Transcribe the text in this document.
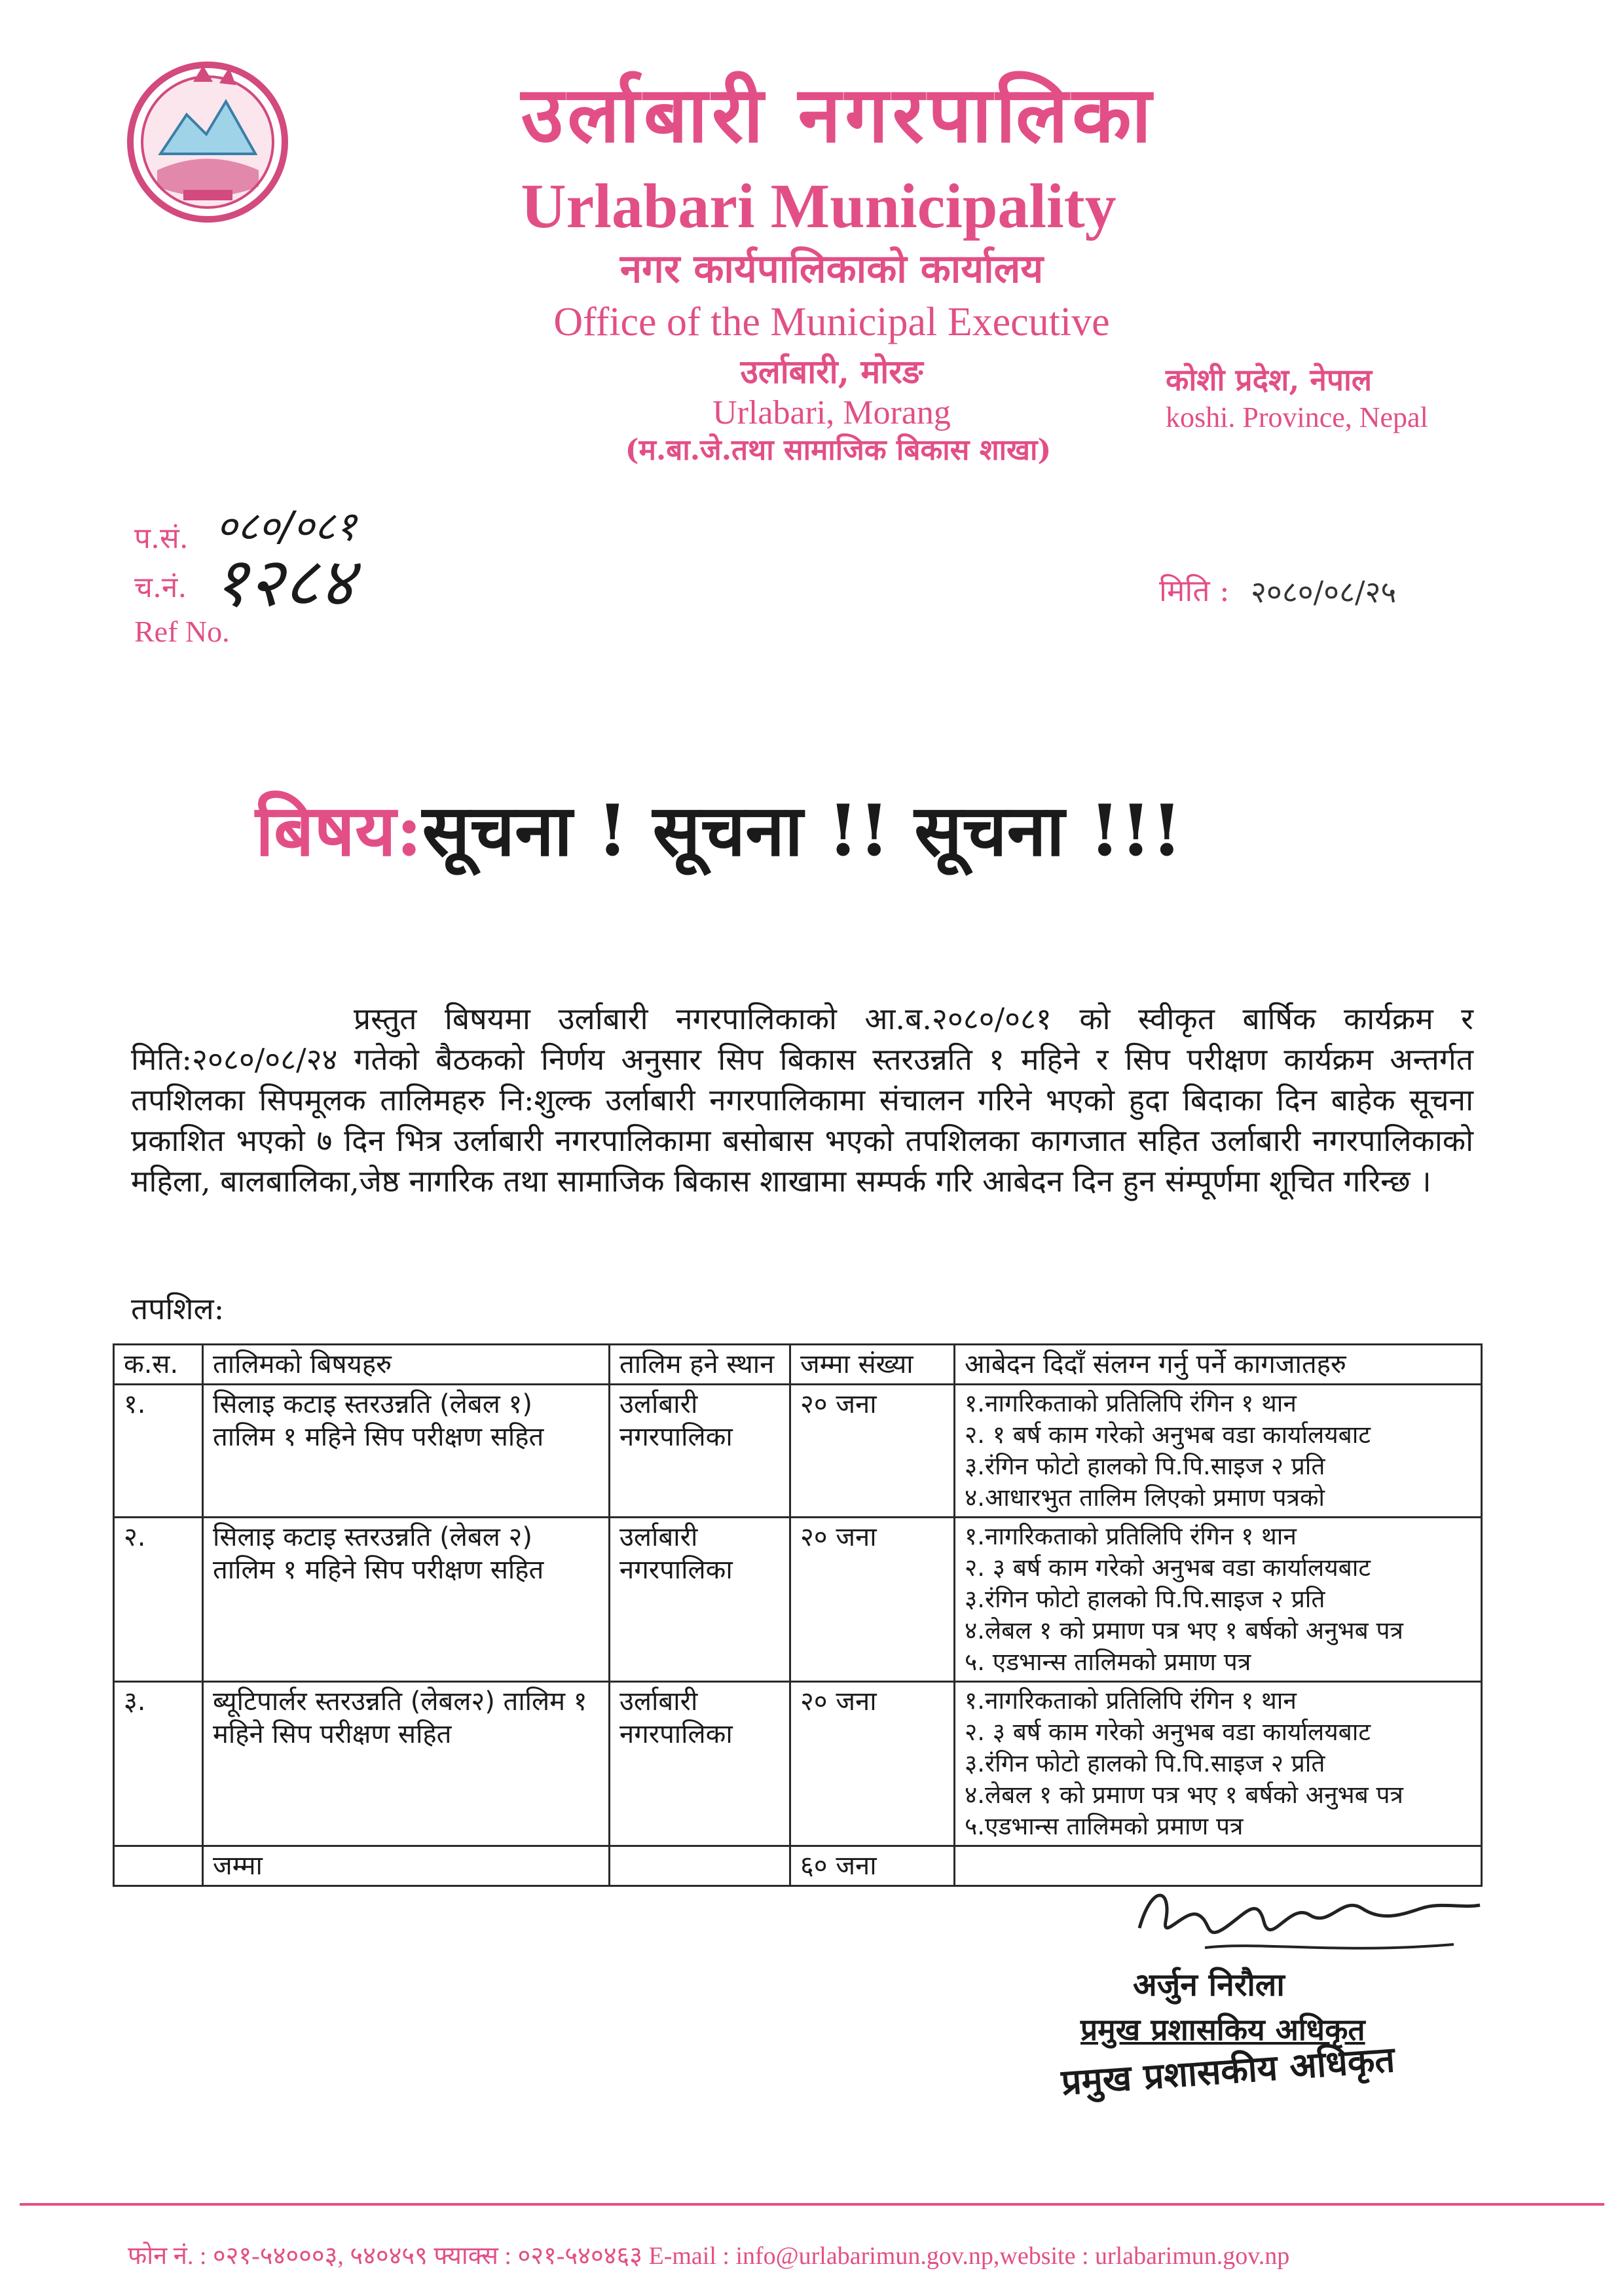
उर्लाबारी नगरपालिका
Urlabari Municipality
नगर कार्यपालिकाको कार्यालय
Office of the Municipal Executive
उर्लाबारी, मोरङ
Urlabari, Morang
(म.बा.जे.तथा सामाजिक बिकास शाखा)
कोशी प्रदेश, नेपाल
koshi. Province, Nepal
प.सं. ०८०/०८१
च.नं. १२८४
Ref No.
मिति : २०८०/०८/२५
बिषय:सूचना ! सूचना !! सूचना !!!
प्रस्तुत बिषयमा उर्लाबारी नगरपालिकाको आ.ब.२०८०/०८१ को स्वीकृत बार्षिक कार्यक्रम र मिति:२०८०/०८/२४ गतेको बैठकको निर्णय अनुसार सिप बिकास स्तरउन्नति १ महिने र सिप परीक्षण कार्यक्रम अन्तर्गत तपशिलका सिपमूलक तालिमहरु नि:शुल्क उर्लाबारी नगरपालिकामा संचालन गरिने भएको हुदा बिदाका दिन बाहेक सूचना प्रकाशित भएको ७ दिन भित्र उर्लाबारी नगरपालिकामा बसोबास भएको तपशिलका कागजात सहित उर्लाबारी नगरपालिकाको महिला, बालबालिका,जेष्ठ नागरिक तथा सामाजिक बिकास शाखामा सम्पर्क गरि आबेदन दिन हुन संम्पूर्णमा शूचित गरिन्छ ।
तपशिल:
क.स.	तालिमको बिषयहरु	तालिम हने स्थान	जम्मा संख्या	आबेदन दिदाँ संलग्न गर्नु पर्ने कागजातहरु
१.	सिलाइ कटाइ स्तरउन्नति (लेबल १) तालिम १ महिने सिप परीक्षण सहित	उर्लाबारी नगरपालिका	२० जना	१.नागरिकताको प्रतिलिपि रंगिन १ थान
२. १ बर्ष काम गरेको अनुभब वडा कार्यालयबाट
३.रंगिन फोटो हालको पि.पि.साइज २ प्रति
४.आधारभुत तालिम लिएको प्रमाण पत्रको

२.	सिलाइ कटाइ स्तरउन्नति (लेबल २) तालिम १ महिने सिप परीक्षण सहित	उर्लाबारी नगरपालिका	२० जना	१.नागरिकताको प्रतिलिपि रंगिन १ थान
२. ३ बर्ष काम गरेको अनुभब वडा कार्यालयबाट
३.रंगिन फोटो हालको पि.पि.साइज २ प्रति
४.लेबल १ को प्रमाण पत्र भए १ बर्षको अनुभब पत्र
५. एडभान्स तालिमको प्रमाण पत्र

३.	ब्यूटिपार्लर स्तरउन्नति (लेबल२) तालिम १ महिने सिप परीक्षण सहित	उर्लाबारी नगरपालिका	२० जना	१.नागरिकताको प्रतिलिपि रंगिन १ थान
२. ३ बर्ष काम गरेको अनुभब वडा कार्यालयबाट
३.रंगिन फोटो हालको पि.पि.साइज २ प्रति
४.लेबल १ को प्रमाण पत्र भए १ बर्षको अनुभब पत्र
५.एडभान्स तालिमको प्रमाण पत्र

	जम्मा		६० जना	
अर्जुन निरौला
प्रमुख प्रशासकिय अधिकृत
प्रमुख प्रशासकीय अधिकृत
फोन नं. : ०२१-५४०००३, ५४०४५९ फ्याक्स : ०२१-५४०४६३ E-mail : info@urlabarimun.gov.np,website : urlabarimun.gov.np
